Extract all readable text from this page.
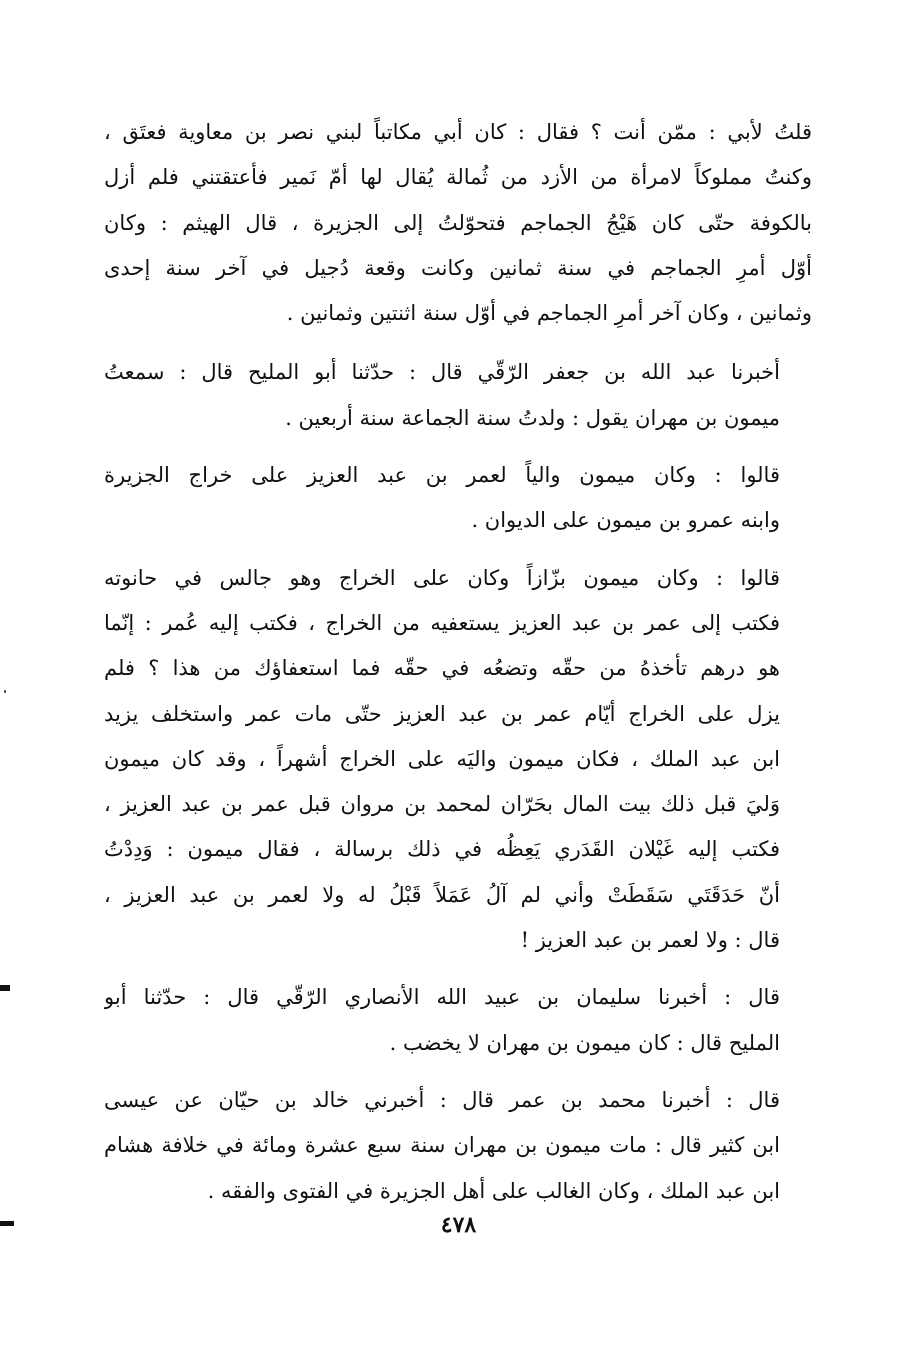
قلتُ لأبي : ممّن أنت ؟ فقال : كان أبي مكاتباً لبني نصر بن معاوية فعتَق ،
وكنتُ مملوكاً لامرأة من الأزد من ثُمالة يُقال لها أمّ نَمير فأعتقتني فلم أزل
بالكوفة حتّى كان هَيْجُ الجماجم فتحوّلتُ إلى الجزيرة ، قال الهيثم : وكان
أوّل أمرِ الجماجم في سنة ثمانين وكانت وقعة دُجيل في آخر سنة إحدى
وثمانين ، وكان آخر أمرِ الجماجم في أوّل سنة اثنتين وثمانين .
أخبرنا عبد الله بن جعفر الرّقّي قال : حدّثنا أبو المليح قال : سمعتُ
ميمون بن مهران يقول : ولدتُ سنة الجماعة سنة أربعين .
قالوا : وكان ميمون والياً لعمر بن عبد العزيز على خراج الجزيرة
وابنه عمرو بن ميمون على الديوان .
قالوا : وكان ميمون بزّازاً وكان على الخراج وهو جالس في حانوته
فكتب إلى عمر بن عبد العزيز يستعفيه من الخراج ، فكتب إليه عُمر : إنّما
هو درهم تأخذهُ من حقّه وتضعُه في حقّه فما استعفاؤك من هذا ؟ فلم
يزل على الخراج أيّام عمر بن عبد العزيز حتّى مات عمر واستخلف يزيد
ابن عبد الملك ، فكان ميمون واليَه على الخراج أشهراً ، وقد كان ميمون
وَليَ قبل ذلك بيت المال بحَرّان لمحمد بن مروان قبل عمر بن عبد العزيز ،
فكتب إليه غَيْلان القَدَري يَعِظُه في ذلك برسالة ، فقال ميمون : وَدِدْتُ
أنّ حَدَقَتَي سَقَطَتْ وأني لم آلُ عَمَلاً قَبْلُ له ولا لعمر بن عبد العزيز ،
قال : ولا لعمر بن عبد العزيز !
قال : أخبرنا سليمان بن عبيد الله الأنصاري الرّقّي قال : حدّثنا أبو
المليح قال : كان ميمون بن مهران لا يخضب .
قال : أخبرنا محمد بن عمر قال : أخبرني خالد بن حيّان عن عيسى
ابن كثير قال : مات ميمون بن مهران سنة سبع عشرة ومائة في خلافة هشام
ابن عبد الملك ، وكان الغالب على أهل الجزيرة في الفتوى والفقه .
٤٧٨
